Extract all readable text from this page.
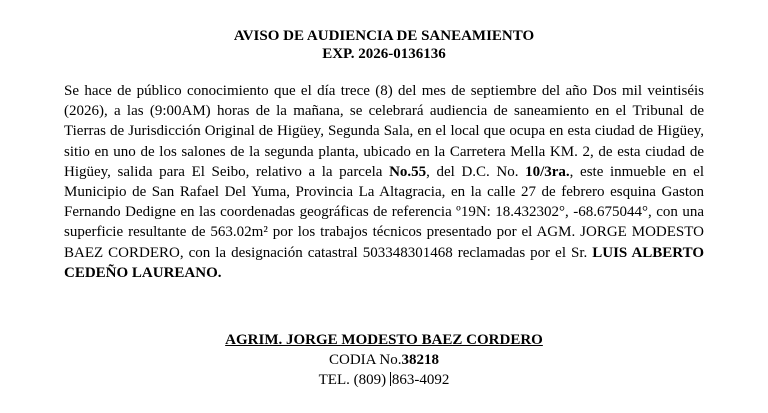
AVISO DE AUDIENCIA DE SANEAMIENTO
EXP. 2026-0136136
Se hace de público conocimiento que el día trece (8) del mes de septiembre del año Dos mil veintiséis (2026), a las (9:00AM) horas de la mañana, se celebrará audiencia de saneamiento en el Tribunal de Tierras de Jurisdicción Original de Higüey, Segunda Sala, en el local que ocupa en esta ciudad de Higüey, sitio en uno de los salones de la segunda planta, ubicado en la Carretera Mella KM. 2, de esta ciudad de Higüey, salida para El Seibo, relativo a la parcela No.55, del D.C. No. 10/3ra., este inmueble en el Municipio de San Rafael Del Yuma, Provincia La Altagracia, en la calle 27 de febrero esquina Gaston Fernando Dedigne en las coordenadas geográficas de referencia º19N: 18.432302°, -68.675044°, con una superficie resultante de 563.02m² por los trabajos técnicos presentado por el AGM. JORGE MODESTO BAEZ CORDERO, con la designación catastral 503348301468 reclamadas por el Sr. LUIS ALBERTO CEDEÑO LAUREANO.
AGRIM. JORGE MODESTO BAEZ CORDERO
CODIA No.38218
TEL. (809) 863-4092
